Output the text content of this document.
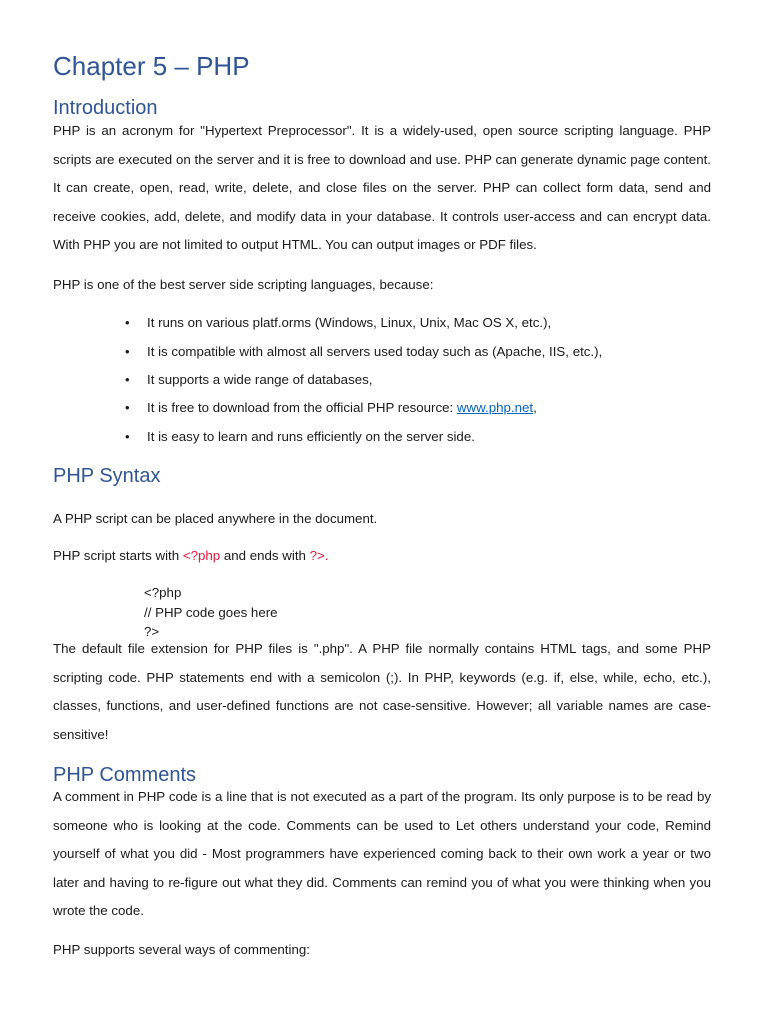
Chapter 5 – PHP
Introduction

PHP is an acronym for "Hypertext Preprocessor". It is a widely-used, open source scripting language. PHP scripts are executed on the server and it is free to download and use. PHP can generate dynamic page content. It can create, open, read, write, delete, and close files on the server. PHP can collect form data, send and receive cookies, add, delete, and modify data in your database. It controls user-access and can encrypt data. With PHP you are not limited to output HTML. You can output images or PDF files.

PHP is one of the best server side scripting languages, because:

• It runs on various platf.orms (Windows, Linux, Unix, Mac OS X, etc.),
• It is compatible with almost all servers used today such as (Apache, IIS, etc.),
• It supports a wide range of databases,
• It is free to download from the official PHP resource: www.php.net,
• It is easy to learn and runs efficiently on the server side.
PHP Syntax

A PHP script can be placed anywhere in the document.

PHP script starts with <?php and ends with ?>.

<?php
// PHP code goes here
?>

The default file extension for PHP files is ".php". A PHP file normally contains HTML tags, and some PHP scripting code. PHP statements end with a semicolon (;). In PHP, keywords (e.g. if, else, while, echo, etc.), classes, functions, and user-defined functions are not case-sensitive. However; all variable names are case-sensitive!

PHP Comments

A comment in PHP code is a line that is not executed as a part of the program. Its only purpose is to be read by someone who is looking at the code. Comments can be used to Let others understand your code, Remind yourself of what you did - Most programmers have experienced coming back to their own work a year or two later and having to re-figure out what they did. Comments can remind you of what you were thinking when you wrote the code.

PHP supports several ways of commenting:
